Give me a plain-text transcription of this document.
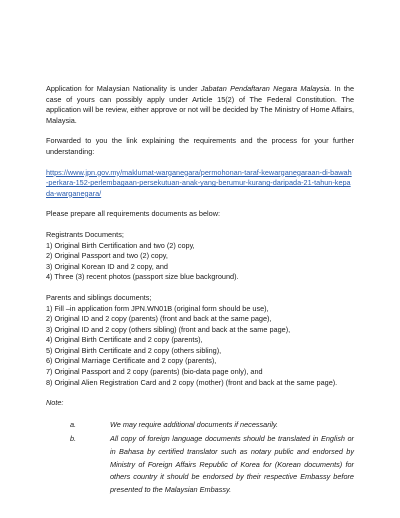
Application for Malaysian Nationality is under Jabatan Pendaftaran Negara Malaysia. In the case of yours can possibly apply under Article 15(2) of The Federal Constitution. The application will be review, either approve or not will be decided by The Ministry of Home Affairs, Malaysia.

Forwarded to you the link explaining the requirements and the process for your further understanding:

https://www.jpn.gov.my/maklumat-warganegara/permohonan-taraf-kewarganegaraan-di-bawah-perkara-152-perlembagaan-persekutuan-anak-yang-berumur-kurang-daripada-21-tahun-kepada-warganegara/

Please prepare all requirements documents as below:

Registrants Documents;

1) Original Birth Certification and two (2) copy,
2) Original Passport and two (2) copy,
3) Original Korean ID and 2 copy, and
4) Three (3) recent photos (passport size blue background).

Parents and siblings documents;

1) Fill –in application form JPN.WN01B (original form should be use),
2) Original ID and 2 copy (parents) (front and back at the same page),
3) Original ID and 2 copy (others sibling) (front and back at the same page),
4) Original Birth Certificate and 2 copy (parents),
5) Original Birth Certificate and 2 copy (others sibling),
6) Original Marriage Certificate and 2 copy (parents),
7) Original Passport and 2 copy (parents) (bio-data page only), and
8) Original Alien Registration Card and 2 copy (mother) (front and back at the same page).

Note:

a.	We may require additional documents if necessarily.
b.	All copy of foreign language documents should be translated in English or in Bahasa by certified translator such as notary public and endorsed by Ministry of Foreign Affairs Republic of Korea for (Korean documents) for others country it should be endorsed by their respective Embassy before presented to the Malaysian Embassy.
